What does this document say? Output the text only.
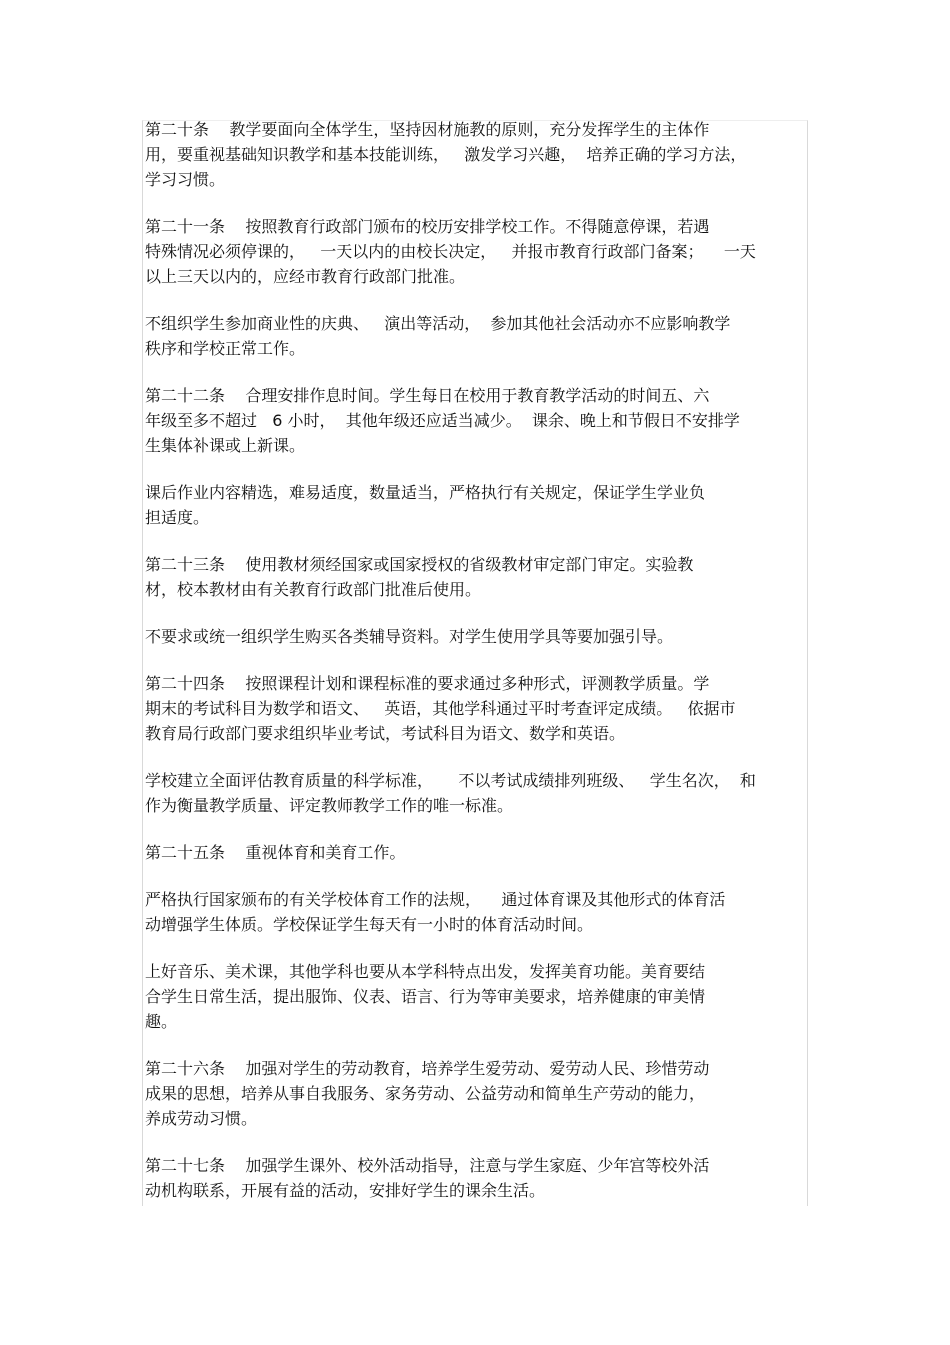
第二十条    教学要面向全体学生，坚持因材施教的原则，充分发挥学生的主体作
用，要重视基础知识教学和基本技能训练，   激发学习兴趣，  培养正确的学习方法，
学习习惯。
第二十一条    按照教育行政部门颁布的校历安排学校工作。不得随意停课，若遇
特殊情况必须停课的，   一天以内的由校长决定，   并报市教育行政部门备案；    一天
以上三天以内的，应经市教育行政部门批准。
不组织学生参加商业性的庆典、   演出等活动，  参加其他社会活动亦不应影响教学
秩序和学校正常工作。
第二十二条    合理安排作息时间。学生每日在校用于教育教学活动的时间五、六
年级至多不超过   6 小时，  其他年级还应适当减少。  课余、晚上和节假日不安排学
生集体补课或上新课。
课后作业内容精选，难易适度，数量适当，严格执行有关规定，保证学生学业负
担适度。
第二十三条    使用教材须经国家或国家授权的省级教材审定部门审定。实验教
材，校本教材由有关教育行政部门批准后使用。
不要求或统一组织学生购买各类辅导资料。对学生使用学具等要加强引导。
第二十四条    按照课程计划和课程标准的要求通过多种形式，评测教学质量。学
期末的考试科目为数学和语文、   英语，其他学科通过平时考查评定成绩。   依据市
教育局行政部门要求组织毕业考试，考试科目为语文、数学和英语。
学校建立全面评估教育质量的科学标准，     不以考试成绩排列班级、   学生名次，  和
作为衡量教学质量、评定教师教学工作的唯一标准。
第二十五条    重视体育和美育工作。
严格执行国家颁布的有关学校体育工作的法规，    通过体育课及其他形式的体育活
动增强学生体质。学校保证学生每天有一小时的体育活动时间。
上好音乐、美术课，其他学科也要从本学科特点出发，发挥美育功能。美育要结
合学生日常生活，提出服饰、仪表、语言、行为等审美要求，培养健康的审美情
趣。
第二十六条    加强对学生的劳动教育，培养学生爱劳动、爱劳动人民、珍惜劳动
成果的思想，培养从事自我服务、家务劳动、公益劳动和简单生产劳动的能力，
养成劳动习惯。
第二十七条    加强学生课外、校外活动指导，注意与学生家庭、少年宫等校外活
动机构联系，开展有益的活动，安排好学生的课余生活。
